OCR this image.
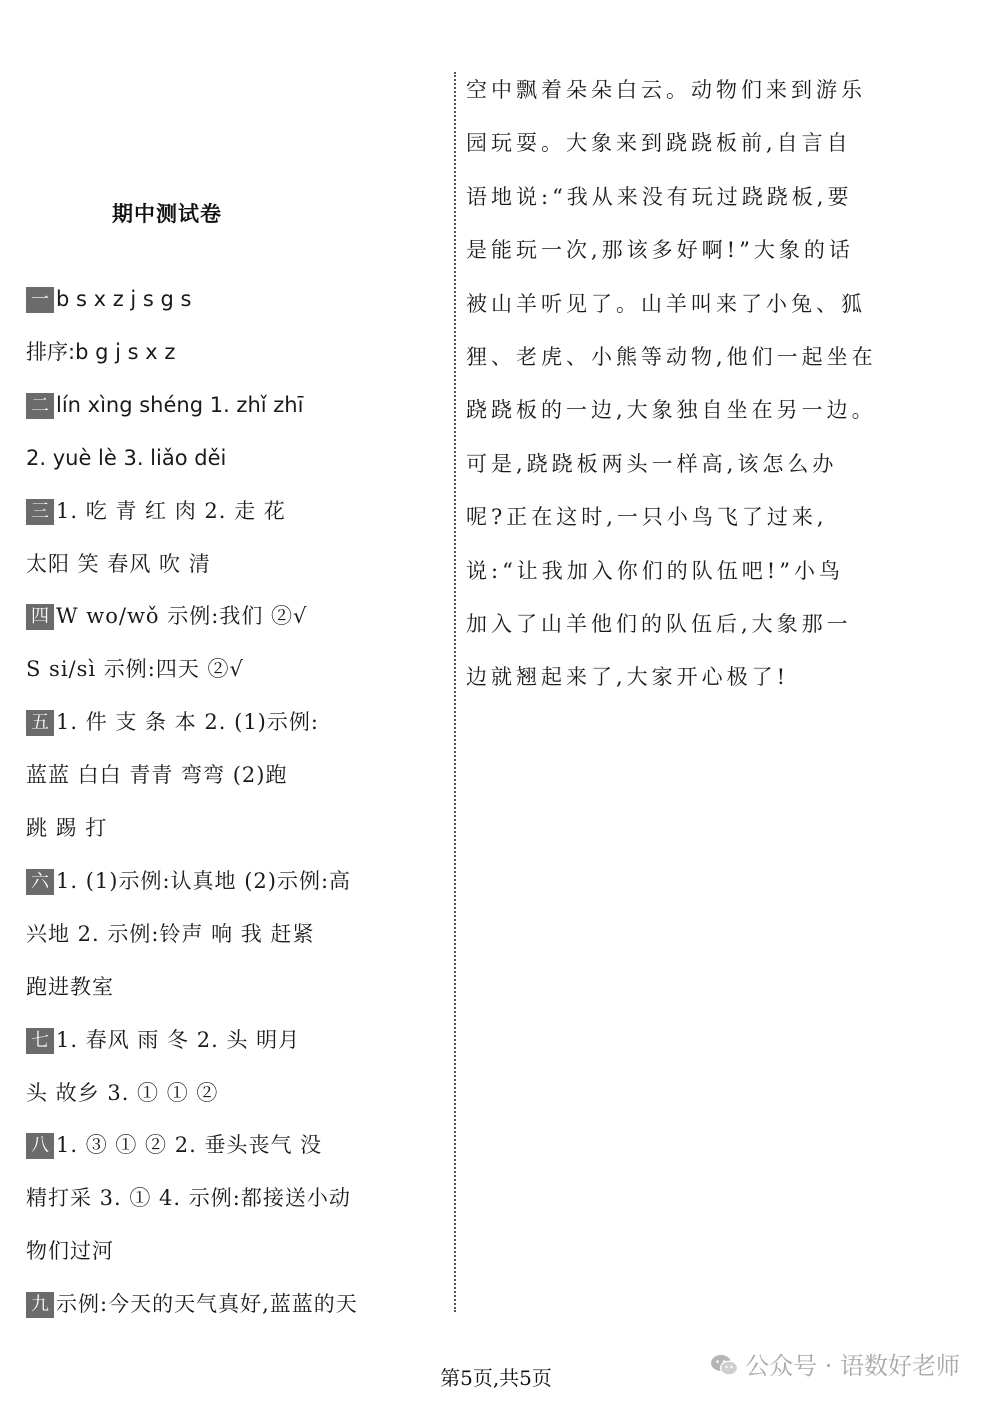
期中测试卷
一 b s x z j s g s
排序:b g j s x z
二 lín xìng shéng 1. zhǐ zhī
2. yuè lè 3. liǎo děi
三 1. 吃 青 红 肉 2. 走 花
太阳 笑 春风 吹 清
四 W wo/wǒ 示例:我们 ②√
S si/sì 示例:四天 ②√
五 1. 件 支 条 本 2. (1)示例:
蓝蓝 白白 青青 弯弯 (2)跑
跳 踢 打
六 1. (1)示例:认真地 (2)示例:高
兴地 2. 示例:铃声 响 我 赶紧
跑进教室
七 1. 春风 雨 冬 2. 头 明月
头 故乡 3. ① ① ②
八 1. ③ ① ② 2. 垂头丧气 没
精打采 3. ① 4. 示例:都接送小动
物们过河
九 示例:今天的天气真好,蓝蓝的天
空中飘着朵朵白云。动物们来到游乐
园玩耍。大象来到跷跷板前,自言自
语地说:“我从来没有玩过跷跷板,要
是能玩一次,那该多好啊!”大象的话
被山羊听见了。山羊叫来了小兔、狐
狸、老虎、小熊等动物,他们一起坐在
跷跷板的一边,大象独自坐在另一边。
可是,跷跷板两头一样高,该怎么办
呢?正在这时,一只小鸟飞了过来,
说:“让我加入你们的队伍吧!”小鸟
加入了山羊他们的队伍后,大象那一
边就翘起来了,大家开心极了!
第5页,共5页	公众号 · 语数好老师
